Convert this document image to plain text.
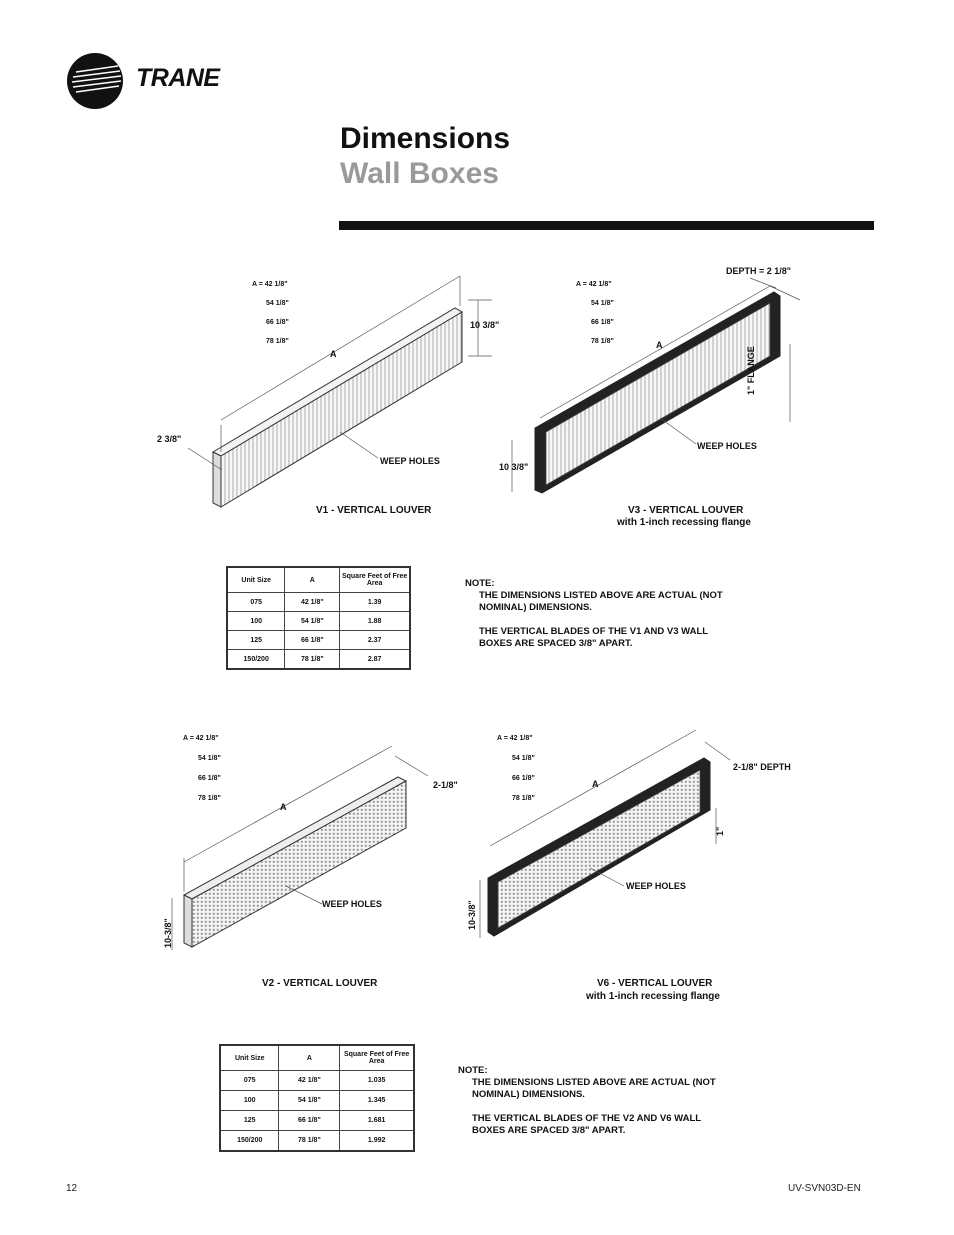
TRANE
Dimensions
Wall Boxes
A = 42 1/8"
54 1/8"
66 1/8"
78 1/8"
A
10 3/8"
2 3/8"
WEEP HOLES
V1 - VERTICAL LOUVER
A = 42 1/8"
54 1/8"
66 1/8"
78 1/8"	A
DEPTH = 2 1/8"
1" FLANGE
10 3/8"
WEEP HOLES
V3 - VERTICAL LOUVER
with 1-inch recessing flange
Unit Size	A	Square Feet of Free Area
075	42 1/8"	1.39
100	54 1/8"	1.88
125	66 1/8"	2.37
150/200	78 1/8"	2.87
NOTE:
THE DIMENSIONS LISTED ABOVE ARE ACTUAL (NOT NOMINAL) DIMENSIONS.
THE VERTICAL BLADES OF THE V1 AND V3 WALL BOXES ARE SPACED 3/8" APART.
A = 42 1/8"
54 1/8"
66 1/8"
78 1/8"
A
2-1/8"
10-3/8"
WEEP HOLES
V2 - VERTICAL LOUVER
A = 42 1/8"
54 1/8"
66 1/8"
78 1/8"
A
2-1/8" DEPTH
1"
10-3/8"
WEEP HOLES
V6 - VERTICAL LOUVER
with 1-inch recessing flange
Unit Size	A	Square Feet of Free Area
075	42 1/8"	1.035
100	54 1/8"	1.345
125	66 1/8"	1.681
150/200	78 1/8"	1.992
NOTE:
THE DIMENSIONS LISTED ABOVE ARE ACTUAL (NOT NOMINAL) DIMENSIONS.
THE VERTICAL BLADES OF THE V2 AND V6 WALL BOXES ARE SPACED 3/8" APART.
12	UV-SVN03D-EN
